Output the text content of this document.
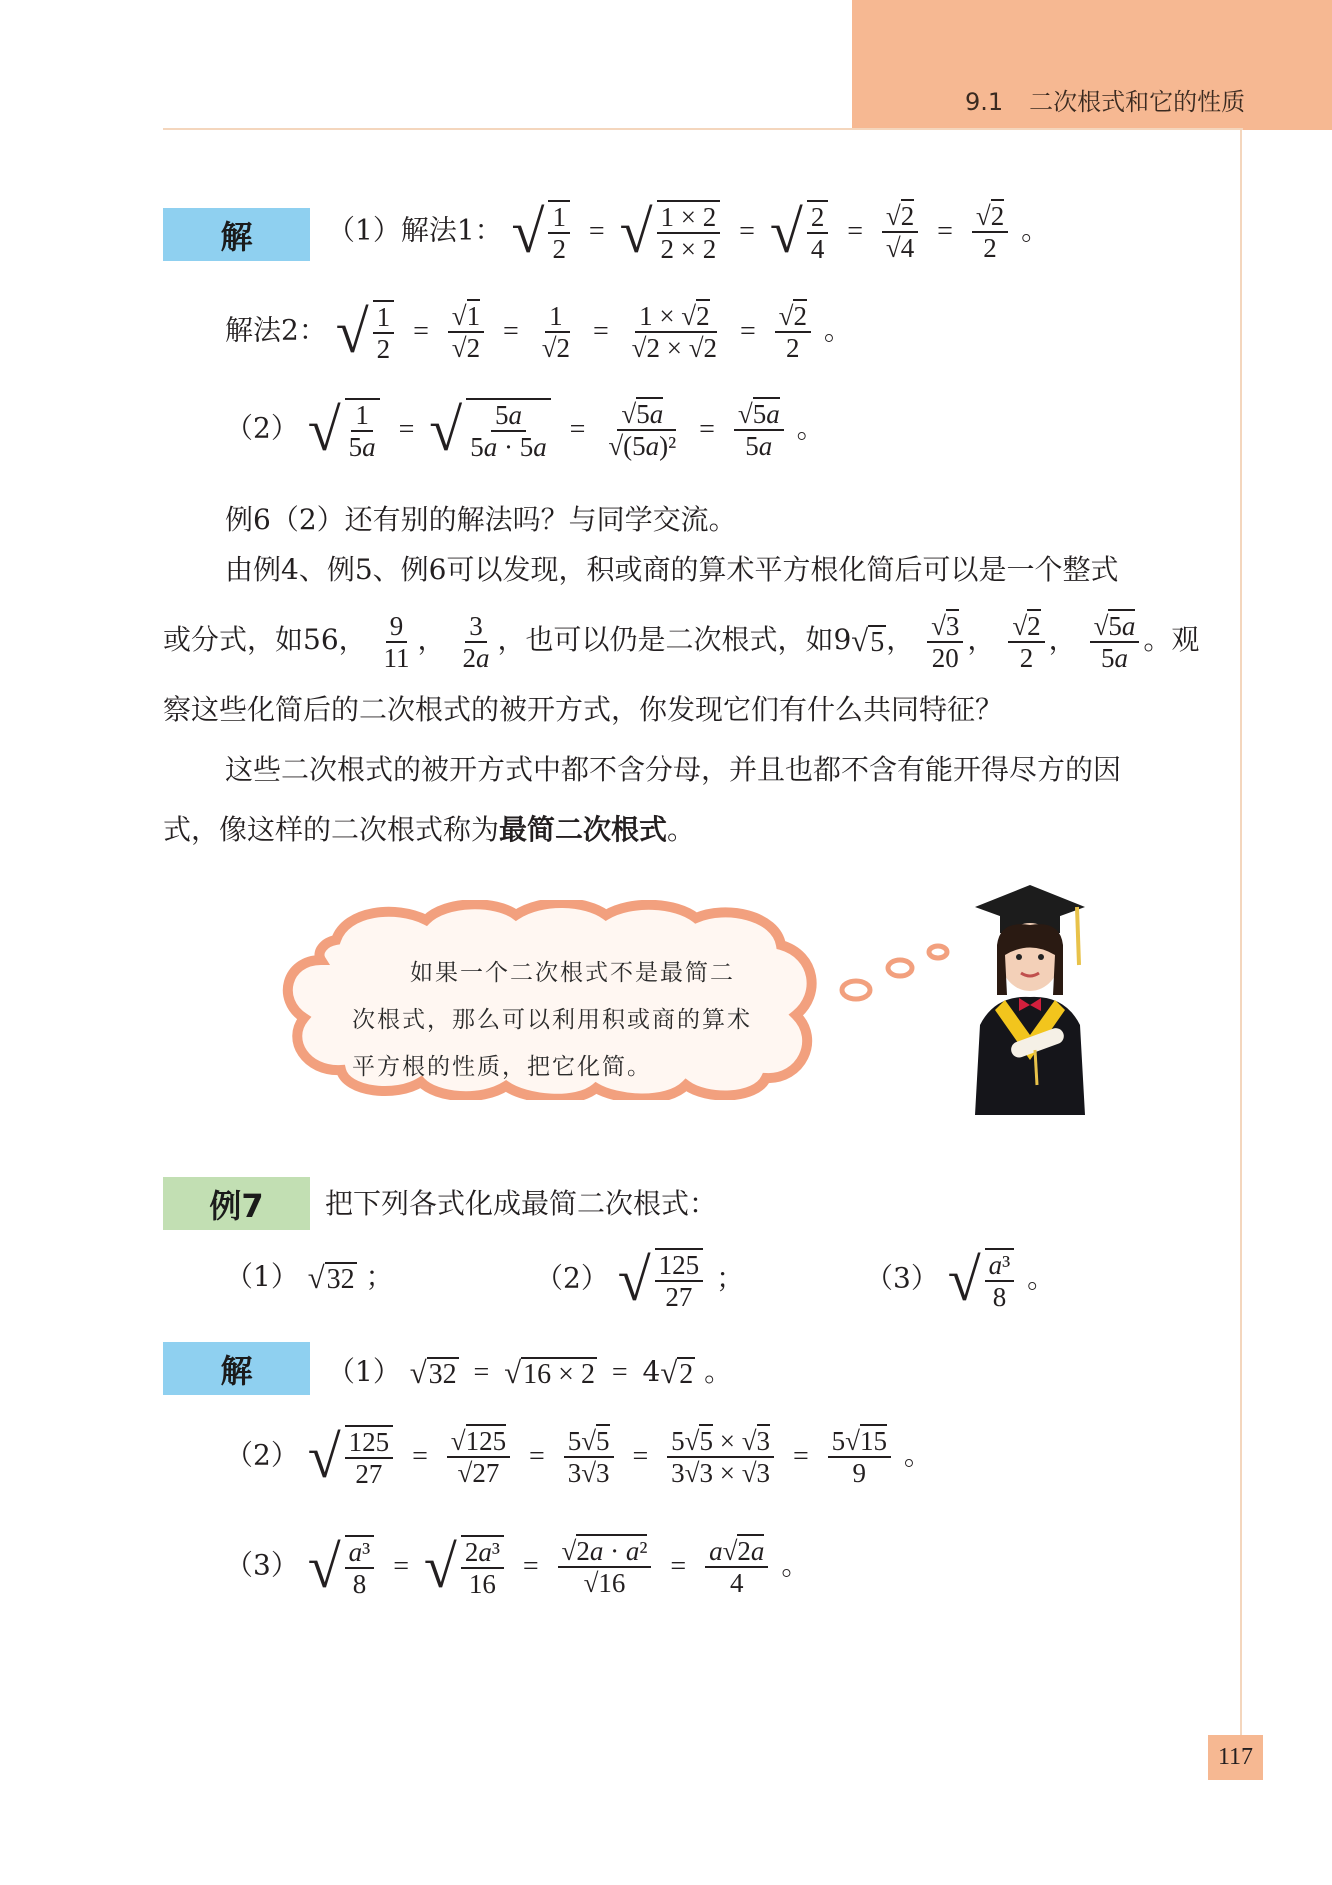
9.1 二次根式和它的性质
解	（1）解法1： √ $\frac{1}{2}$ = √ $\frac{1 \times 2}{2 \times 2}$ = √ $\frac{2}{4} = \frac{√2}{√4} = \frac{√2}{2}$ 。
解法2： √ $\frac{1}{2} = \frac{√1}{√2} = \frac{1}{√2} = \frac{1 \times √2}{√2 \times √2} = \frac{√2}{2}$ 。
（2） √ $\frac{1}{5a}$ = √ $\frac{5a}{5a \cdot 5a} = \frac{√5a}{\text{√(5a)²}} = \frac{√5a}{5a}$ 。
例6（2）还有别的解法吗？与同学交流。
由例4、例5、例6可以发现，积或商的算术平方根化简后可以是一个整式
或分式，如56， $\frac{9}{11}$ ， $\frac{3}{2a}$ ，也可以仍是二次根式，如9√5， $\frac{√3}{20}$ ， $\frac{√2}{2}$ ， $\frac{√5a}{5a}$ 。观
察这些化简后的二次根式的被开方式，你发现它们有什么共同特征？
这些二次根式的被开方式中都不含分母，并且也都不含有能开得尽方的因
式，像这样的二次根式称为最简二次根式。
如果一个二次根式不是最简二
次根式，那么可以利用积或商的算术
平方根的性质，把它化简。
例7	把下列各式化成最简二次根式：
（1） √32 ；	（2） √ $\frac{125}{27}$ ；	（3） √ $\frac{\text{a³}}{8}$ 。
解	（1） √32 = √16 × 2 = 4√2 。
（2） √ $\frac{125}{27} = \frac{√125}{√27} = \frac{5√5}{3√3} = \frac{5√5 \times √3}{3√3 \times √3} = \frac{5√15}{9}$ 。
（3） √ $\frac{\text{a³}}{8}$ = √ $\frac{\text{2a³}}{16} = \frac{\text{√2a · a²}}{√16} = \frac{a√2a}{4}$ 。
117
